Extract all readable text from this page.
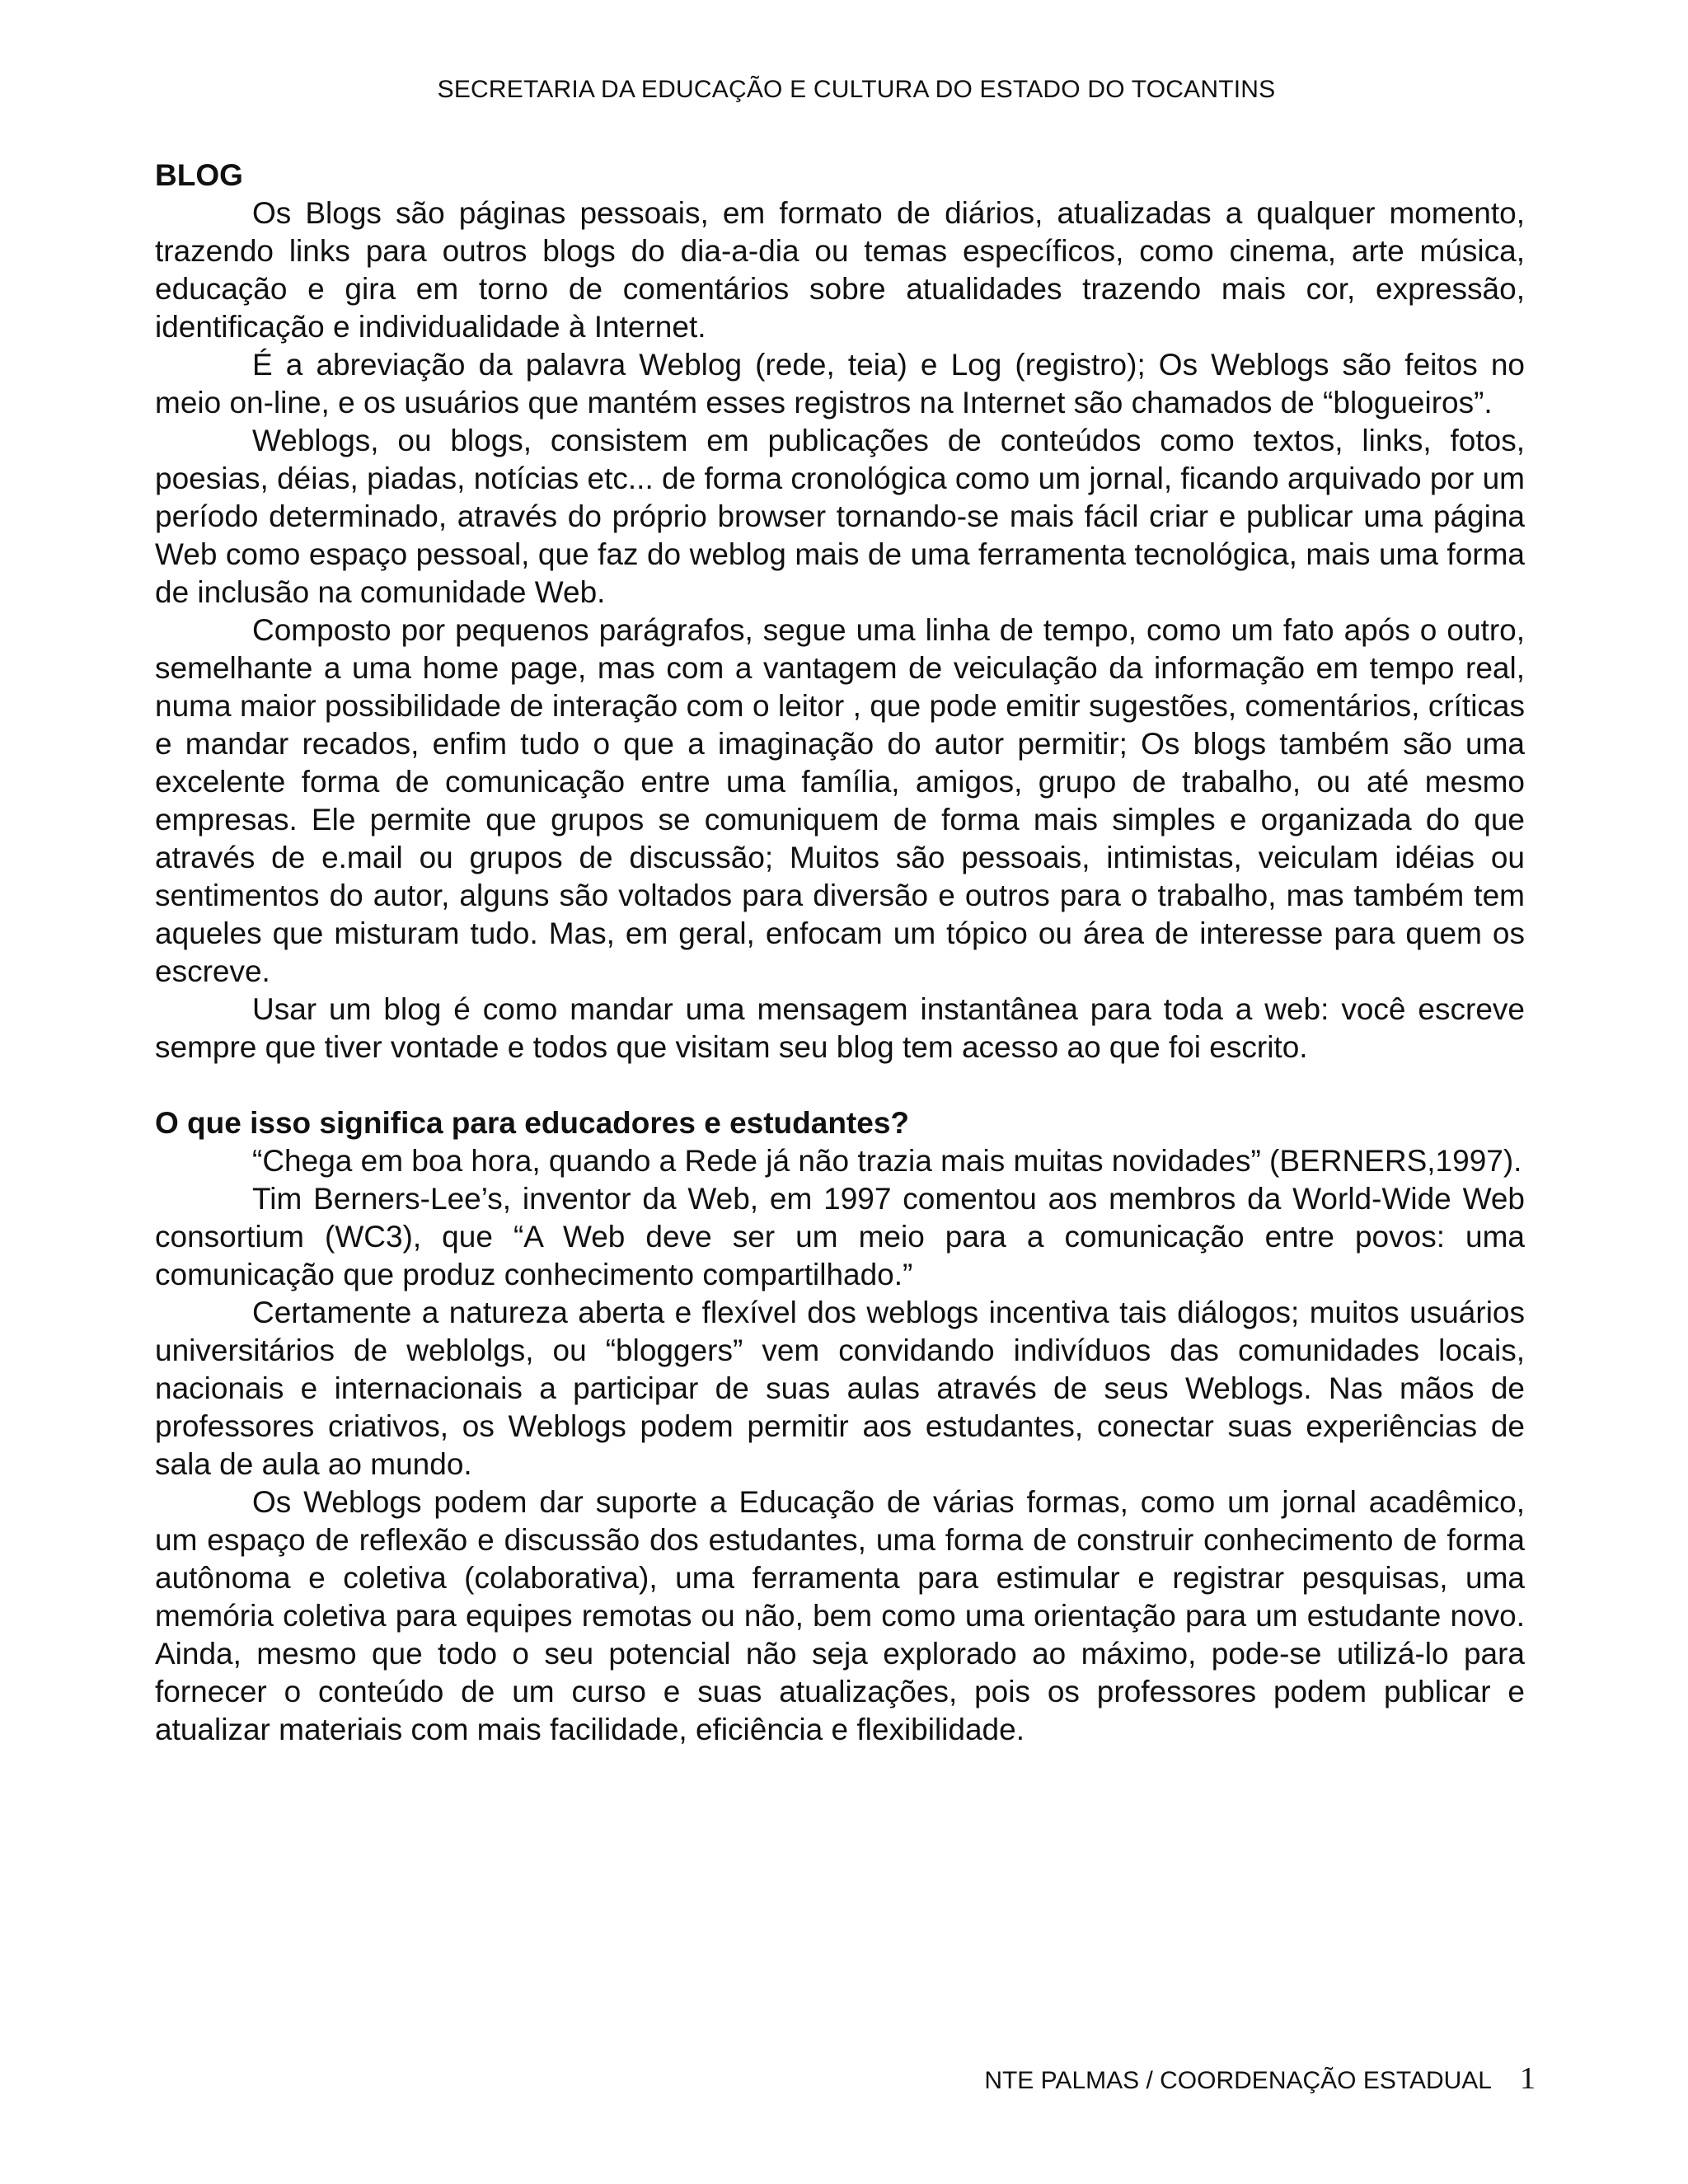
SECRETARIA DA EDUCAÇÃO E CULTURA DO ESTADO DO TOCANTINS
BLOG

Os Blogs são páginas pessoais, em formato de diários, atualizadas a qualquer momento, trazendo links para outros blogs do dia-a-dia ou temas específicos, como cinema, arte música, educação e gira em torno de comentários sobre atualidades trazendo mais cor, expressão, identificação e individualidade à Internet.

É a abreviação da palavra Weblog (rede, teia) e Log (registro); Os Weblogs são feitos no meio on-line, e os usuários que mantém esses registros na Internet são chamados de “blogueiros”.

Weblogs, ou blogs, consistem em publicações de conteúdos como textos, links, fotos, poesias, déias, piadas, notícias etc... de forma cronológica como um jornal, ficando arquivado por um período determinado, através do próprio browser tornando-se mais fácil criar e publicar uma página Web como espaço pessoal, que faz do weblog mais de uma ferramenta tecnológica, mais uma forma de inclusão na comunidade Web.

Composto por pequenos parágrafos, segue uma linha de tempo, como um fato após o outro, semelhante a uma home page, mas com a vantagem de veiculação da informação em tempo real, numa maior possibilidade de interação com o leitor , que pode emitir sugestões, comentários, críticas e mandar recados, enfim tudo o que a imaginação do autor permitir; Os blogs também são uma excelente forma de comunicação entre uma família, amigos, grupo de trabalho, ou até mesmo empresas. Ele permite que grupos se comuniquem de forma mais simples e organizada do que através de e.mail ou grupos de discussão; Muitos são pessoais, intimistas, veiculam idéias ou sentimentos do autor, alguns são voltados para diversão e outros para o trabalho, mas também tem aqueles que misturam tudo. Mas, em geral, enfocam um tópico ou área de interesse para quem os escreve.

Usar um blog é como mandar uma mensagem instantânea para toda a web: você escreve sempre que tiver vontade e todos que visitam seu blog tem acesso ao que foi escrito.

O que isso significa para educadores e estudantes?

“Chega em boa hora, quando a Rede já não trazia mais muitas novidades” (BERNERS,1997).

Tim Berners-Lee’s, inventor da Web, em 1997 comentou aos membros da World-Wide Web consortium (WC3), que “A Web deve ser um meio para a comunicação entre povos: uma comunicação que produz conhecimento compartilhado.”

Certamente a natureza aberta e flexível dos weblogs incentiva tais diálogos; muitos usuários universitários de weblolgs, ou “bloggers” vem convidando indivíduos das comunidades locais, nacionais e internacionais a participar de suas aulas através de seus Weblogs. Nas mãos de professores criativos, os Weblogs podem permitir aos estudantes, conectar suas experiências de sala de aula ao mundo.

Os Weblogs podem dar suporte a Educação de várias formas, como um jornal acadêmico, um espaço de reflexão e discussão dos estudantes, uma forma de construir conhecimento de forma autônoma e coletiva (colaborativa), uma ferramenta para estimular e registrar pesquisas, uma memória coletiva para equipes remotas ou não, bem como uma orientação para um estudante novo. Ainda, mesmo que todo o seu potencial não seja explorado ao máximo, pode-se utilizá-lo para fornecer o conteúdo de um curso e suas atualizações, pois os professores podem publicar e atualizar materiais com mais facilidade, eficiência e flexibilidade.

NTE PALMAS / COORDENAÇÃO ESTADUAL 1
